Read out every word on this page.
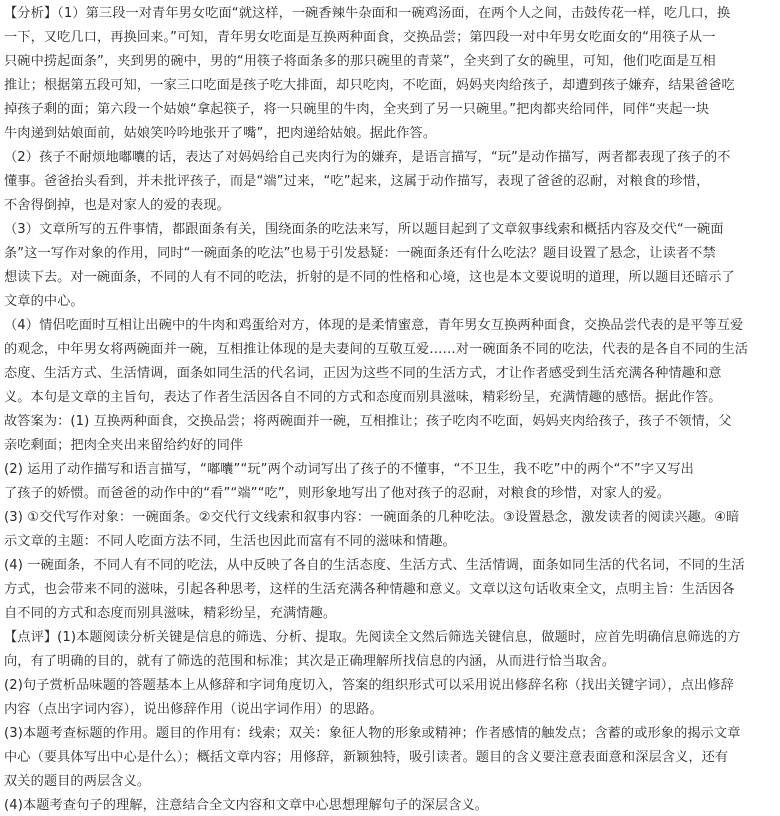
【分析】（1）第三段一对青年男女吃面“就这样，一碗香辣牛杂面和一碗鸡汤面，在两个人之间，击鼓传花一样，吃几口，换
一下，又吃几口，再换回来。”可知，青年男女吃面是互换两种面食，交换品尝；第四段一对中年男女吃面女的“用筷子从一
只碗中捞起面条”，夹到男的碗中，男的“用筷子将面条多的那只碗里的青菜”，全夹到了女的碗里，可知，他们吃面是互相
推让；根据第五段可知，一家三口吃面是孩子吃大排面，却只吃肉，不吃面，妈妈夹肉给孩子，却遭到孩子嫌弃，结果爸爸吃
掉孩子剩的面；第六段一个姑娘“拿起筷子，将一只碗里的牛肉，全夹到了另一只碗里。”把肉都夹给同伴，同伴“夹起一块
牛肉递到姑娘面前，姑娘笑吟吟地张开了嘴”，把肉递给姑娘。据此作答。
（2）孩子不耐烦地嘟囔的话，表达了对妈妈给自己夹肉行为的嫌弃，是语言描写，“玩”是动作描写，两者都表现了孩子的不
懂事。爸爸抬头看到，并未批评孩子，而是“端”过来，“吃”起来，这属于动作描写，表现了爸爸的忍耐，对粮食的珍惜，
不舍得倒掉，也是对家人的爱的表现。
（3）文章所写的五件事情，都跟面条有关，围绕面条的吃法来写，所以题目起到了文章叙事线索和概括内容及交代“一碗面
条”这一写作对象的作用，同时“一碗面条的吃法”也易于引发悬疑：一碗面条还有什么吃法？题目设置了悬念，让读者不禁
想读下去。对一碗面条，不同的人有不同的吃法，折射的是不同的性格和心境，这也是本文要说明的道理，所以题目还暗示了
文章的中心。
（4）情侣吃面时互相让出碗中的牛肉和鸡蛋给对方，体现的是柔情蜜意，青年男女互换两种面食，交换品尝代表的是平等互爱
的观念，中年男女将两碗面并一碗，互相推让体现的是夫妻间的互敬互爱……对一碗面条不同的吃法，代表的是各自不同的生活
态度、生活方式、生活情调，面条如同生活的代名词，正因为这些不同的生活方式，才让作者感受到生活充满各种情趣和意
义。本句是文章的主旨句，表达了作者生活因各自不同的方式和态度而别具滋味，精彩纷呈，充满情趣的感悟。据此作答。
故答案为：(1) 互换两种面食，交换品尝；将两碗面并一碗，互相推让；孩子吃肉不吃面，妈妈夹肉给孩子，孩子不领情，父
亲吃剩面；把肉全夹出来留给约好的同伴
(2) 运用了动作描写和语言描写，“嘟囔”“玩”两个动词写出了孩子的不懂事，“不卫生，我不吃”中的两个“不”字又写出
了孩子的娇惯。而爸爸的动作中的“看”“端”“吃”，则形象地写出了他对孩子的忍耐，对粮食的珍惜，对家人的爱。
(3) ①交代写作对象：一碗面条。②交代行文线索和叙事内容：一碗面条的几种吃法。③设置悬念，激发读者的阅读兴趣。④暗
示文章的主题：不同人吃面方法不同，生活也因此而富有不同的滋味和情趣。
(4) 一碗面条，不同人有不同的吃法，从中反映了各自的生活态度、生活方式、生活情调，面条如同生活的代名词，不同的生活
方式，也会带来不同的滋味，引起各种思考，这样的生活充满各种情趣和意义。文章以这句话收束全文，点明主旨：生活因各
自不同的方式和态度而别具滋味，精彩纷呈，充满情趣。
【点评】(1)本题阅读分析关键是信息的筛选、分析、提取。先阅读全文然后筛选关键信息，做题时，应首先明确信息筛选的方
向，有了明确的目的，就有了筛选的范围和标准；其次是正确理解所找信息的内涵，从而进行恰当取舍。
(2)句子赏析品味题的答题基本上从修辞和字词角度切入，答案的组织形式可以采用说出修辞名称（找出关键字词），点出修辞
内容（点出字词内容），说出修辞作用（说出字词作用）的思路。
(3)本题考查标题的作用。题目的作用有：线索；双关：象征人物的形象或精神；作者感情的触发点；含蓄的或形象的揭示文章
中心（要具体写出中心是什么）；概括文章内容；用修辞，新颖独特，吸引读者。题目的含义要注意表面意和深层含义，还有
双关的题目的两层含义。
(4)本题考查句子的理解，注意结合全文内容和文章中心思想理解句子的深层含义。
